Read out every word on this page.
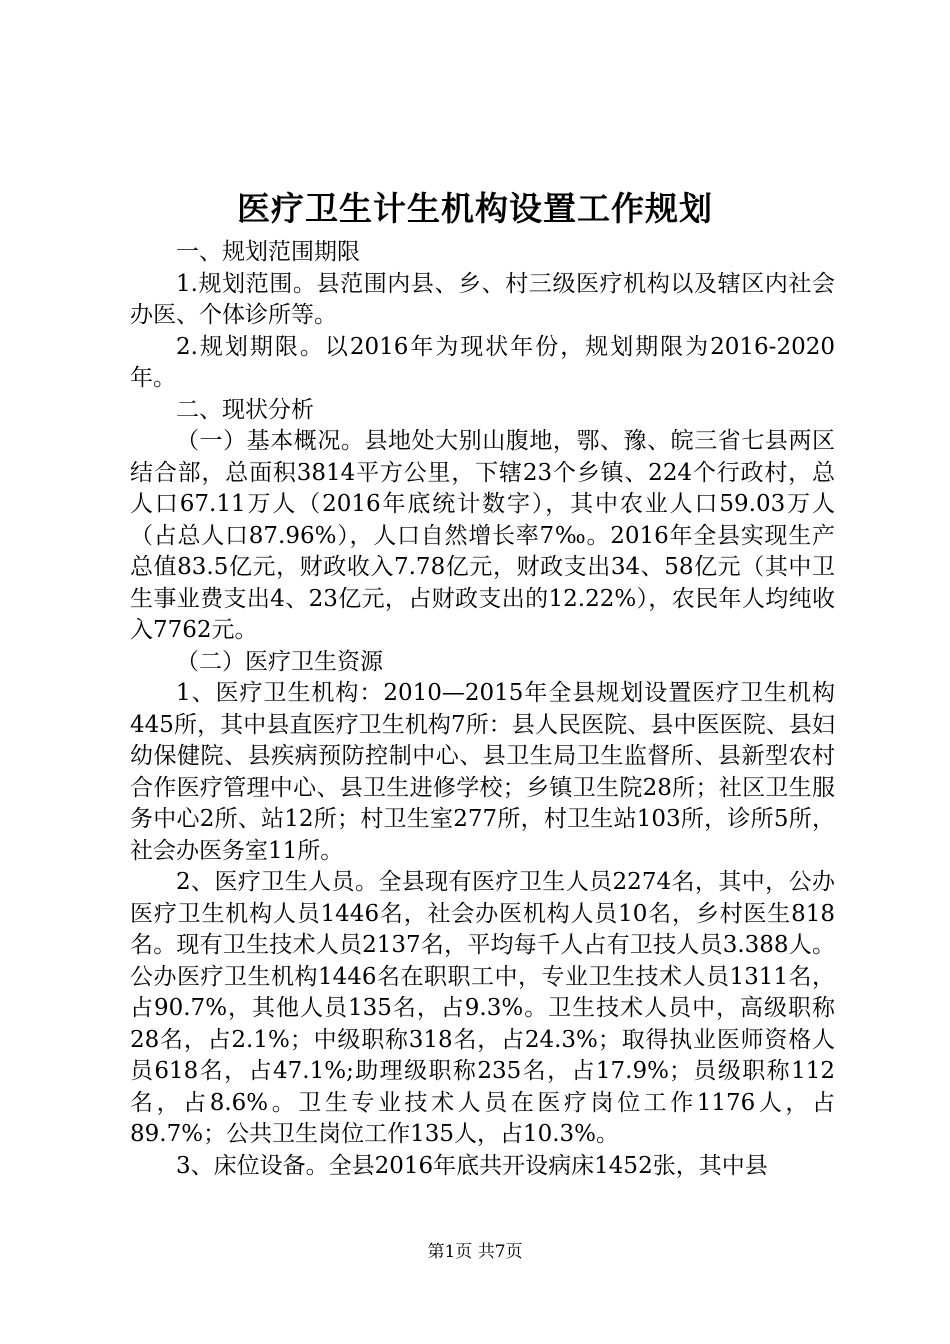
医疗卫生计生机构设置工作规划

一、规划范围期限

1.规划范围。县范围内县、乡、村三级医疗机构以及辖区内社会办医、个体诊所等。

2.规划期限。以2016年为现状年份，规划期限为2016-2020年。

二、现状分析

（一）基本概况。县地处大别山腹地，鄂、豫、皖三省七县两区结合部，总面积3814平方公里，下辖23个乡镇、224个行政村，总人口67.11万人（2016年底统计数字），其中农业人口59.03万人（占总人口87.96%），人口自然增长率7‰。2016年全县实现生产总值83.5亿元，财政收入7.78亿元，财政支出34、58亿元（其中卫生事业费支出4、23亿元，占财政支出的12.22%），农民年人均纯收入7762元。

（二）医疗卫生资源

1、医疗卫生机构：2010—2015年全县规划设置医疗卫生机构445所，其中县直医疗卫生机构7所：县人民医院、县中医医院、县妇幼保健院、县疾病预防控制中心、县卫生局卫生监督所、县新型农村合作医疗管理中心、县卫生进修学校；乡镇卫生院28所；社区卫生服务中心2所、站12所；村卫生室277所，村卫生站103所，诊所5所，社会办医务室11所。

2、医疗卫生人员。全县现有医疗卫生人员2274名，其中，公办医疗卫生机构人员1446名，社会办医机构人员10名，乡村医生818名。现有卫生技术人员2137名，平均每千人占有卫技人员3.388人。公办医疗卫生机构1446名在职职工中，专业卫生技术人员1311名，占90.7%，其他人员135名，占9.3%。卫生技术人员中，高级职称28名，占2.1%；中级职称318名，占24.3%；取得执业医师资格人员618名，占47.1%;助理级职称235名，占17.9%；员级职称112名，占8.6%。卫生专业技术人员在医疗岗位工作1176人，占89.7%；公共卫生岗位工作135人，占10.3%。

3、床位设备。全县2016年底共开设病床1452张，其中县

第1页 共7页
